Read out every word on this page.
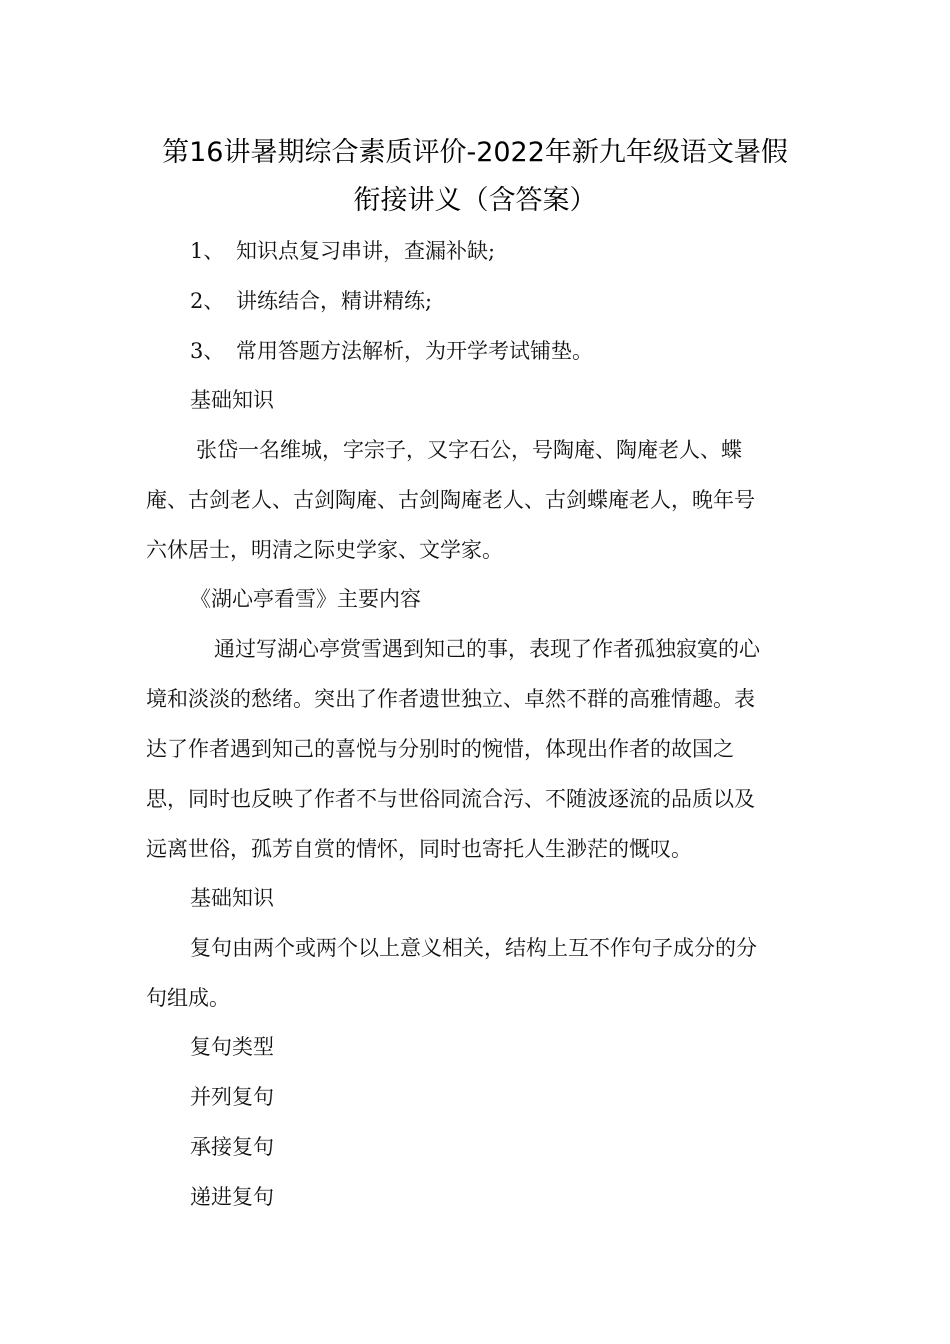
第16讲暑期综合素质评价-2022年新九年级语文暑假
衔接讲义（含答案）
1、 知识点复习串讲，查漏补缺;
2、 讲练结合，精讲精练;
3、 常用答题方法解析，为开学考试铺垫。
基础知识
张岱一名维城，字宗子，又字石公，号陶庵、陶庵老人、蝶
庵、古剑老人、古剑陶庵、古剑陶庵老人、古剑蝶庵老人，晚年号
六休居士，明清之际史学家、文学家。
《湖心亭看雪》主要内容
通过写湖心亭赏雪遇到知己的事，表现了作者孤独寂寞的心
境和淡淡的愁绪。突出了作者遗世独立、卓然不群的高雅情趣。表
达了作者遇到知己的喜悦与分别时的惋惜，体现出作者的故国之
思，同时也反映了作者不与世俗同流合污、不随波逐流的品质以及
远离世俗，孤芳自赏的情怀，同时也寄托人生渺茫的慨叹。
基础知识
复句由两个或两个以上意义相关，结构上互不作句子成分的分
句组成。
复句类型
并列复句
承接复句
递进复句
